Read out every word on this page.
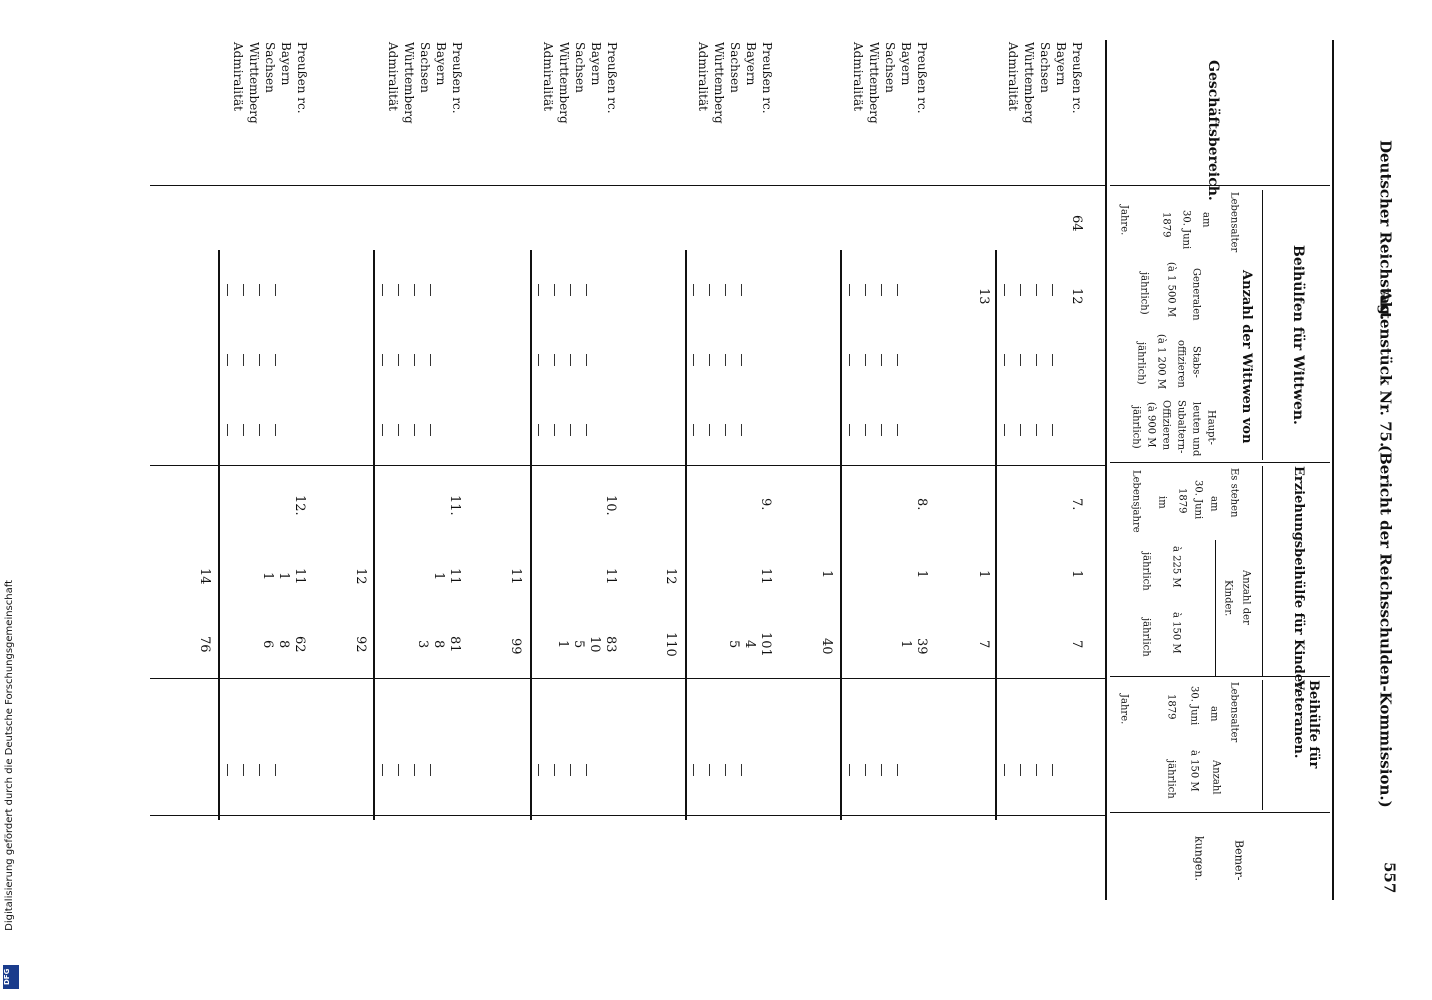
Deutscher Reichstag.
Aktenstück Nr. 75.
(Bericht der Reichsschulden-Kommission.)
557
Geschäftsbereich.
Beihülfen für Wittwen.
Anzahl der Wittwen von
Lebensalter
am
30. Juni
1879
Jahre.
Generalen
(à 1 500 M
jährlich)
Stabs-
offizieren
(à 1 200 M
jährlich)
Haupt-
leuten und
Subaltern-
Offizieren
(à 900 M
jährlich)
Erziehungsbeihülfe für Kinder.
Es stehen
am
30. Juni
1879
im
Lebensjahre
Anzahl der
Kinder.
à 225 M
jährlich
à 150 M
jährlich
Beihülfe für Veteranen.
Lebensalter
am
30. Juni
1879
Jahre.
Anzahl
à 150 M
jährlich
Bemer-
kungen.
Preußen rc.
Bayern
Sachsen
Württemberg
Admiralität
Preußen rc.
Bayern
Sachsen
Württemberg
Admiralität
Preußen rc.
Bayern
Sachsen
Württemberg
Admiralität
Preußen rc.
Bayern
Sachsen
Württemberg
Admiralität
Preußen rc.
Bayern
Sachsen
Württemberg
Admiralität
Preußen rc.
Bayern
Sachsen
Württemberg
Admiralität
64
12
13
7.
1
1
7
7
8.
1
39
1
1
40
9.
11
101
4
5
12
110
10.
11
83
10
5
1
11
99
11.
11
1
81
8
3
12
92
12.
11
1
1
62
8
6
14
76
Digitalisierung gefördert durch die Deutsche Forschungsgemeinschaft
DFG
